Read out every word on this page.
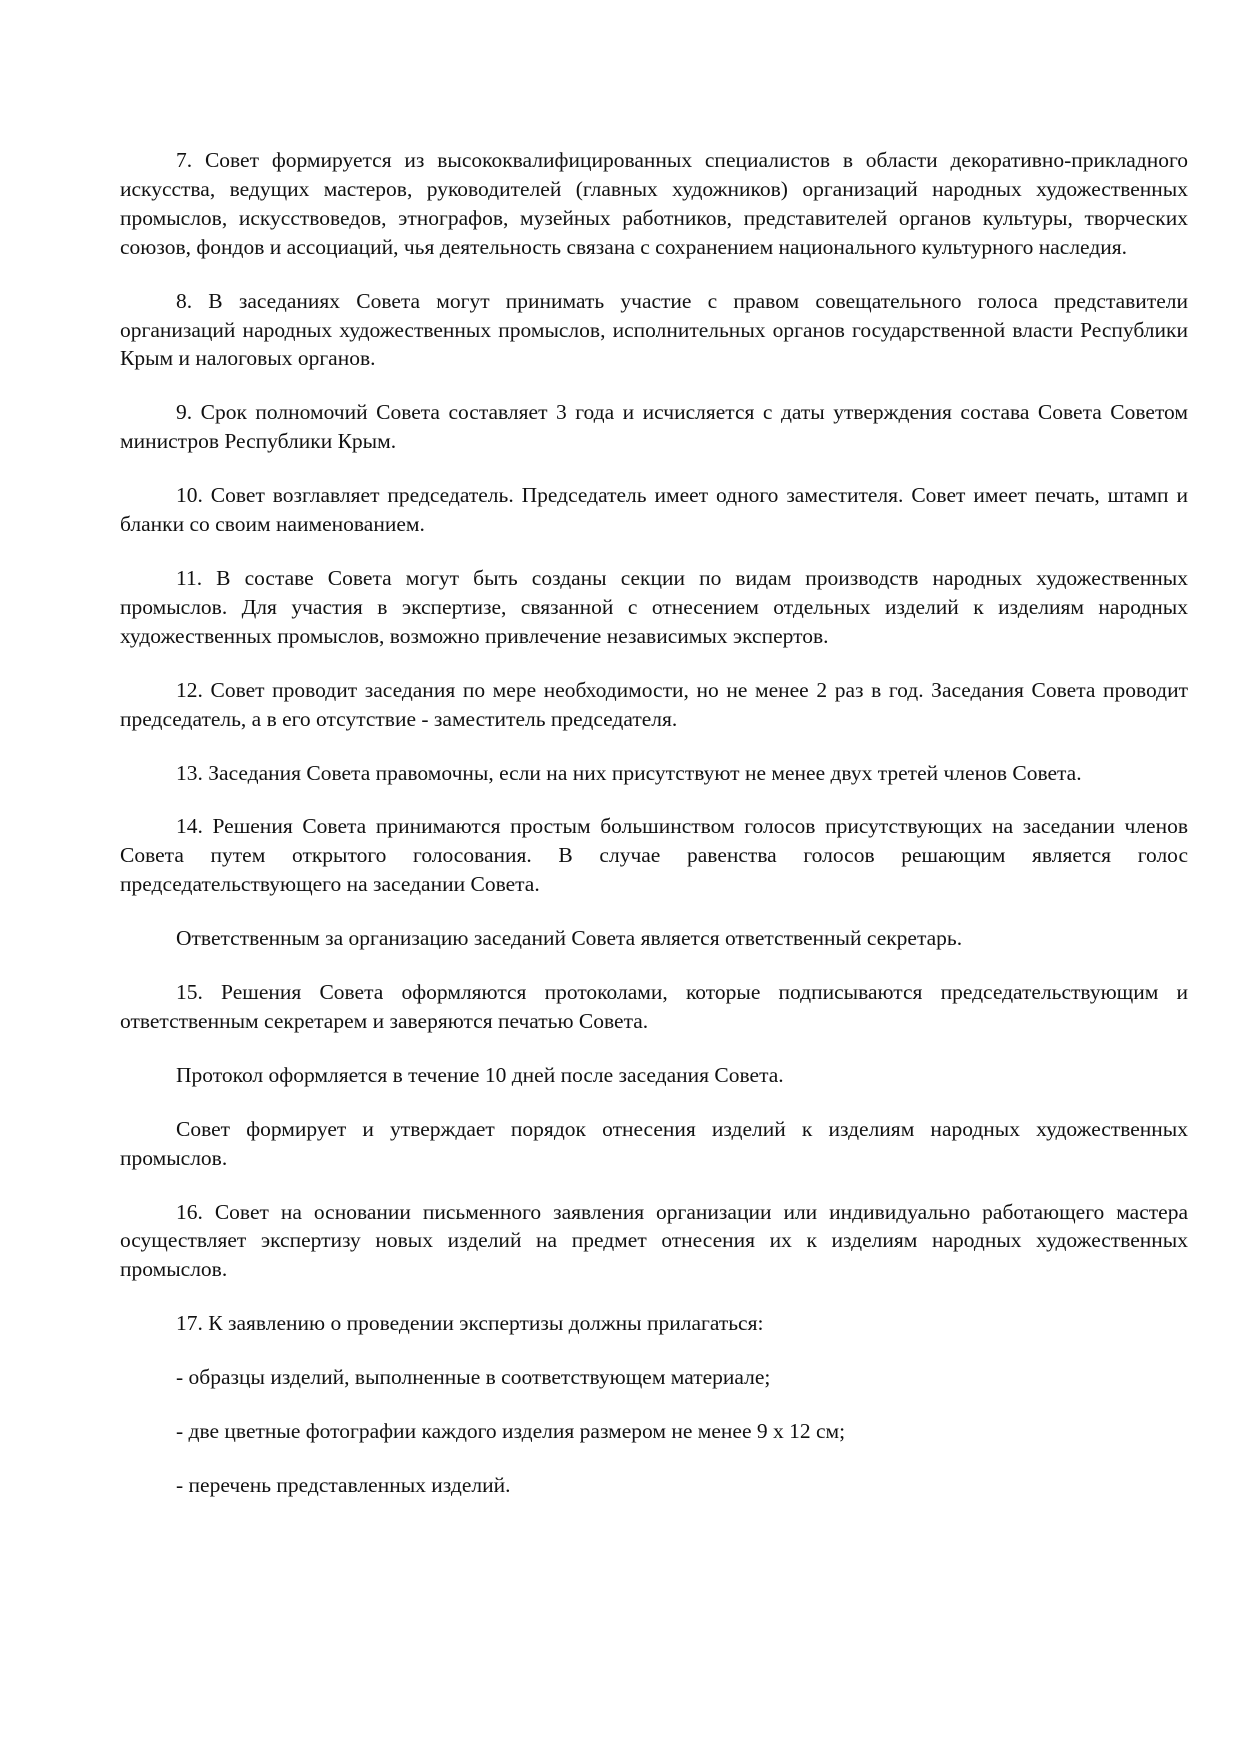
7. Совет формируется из высококвалифицированных специалистов в области декоративно-прикладного искусства, ведущих мастеров, руководителей (главных художников) организаций народных художественных промыслов, искусствоведов, этнографов, музейных работников, представителей органов культуры, творческих союзов, фондов и ассоциаций, чья деятельность связана с сохранением национального культурного наследия.

8. В заседаниях Совета могут принимать участие с правом совещательного голоса представители организаций народных художественных промыслов, исполнительных органов государственной власти Республики Крым и налоговых органов.

9. Срок полномочий Совета составляет 3 года и исчисляется с даты утверждения состава Совета Советом министров Республики Крым.

10. Совет возглавляет председатель. Председатель имеет одного заместителя. Совет имеет печать, штамп и бланки со своим наименованием.

11. В составе Совета могут быть созданы секции по видам производств народных художественных промыслов. Для участия в экспертизе, связанной с отнесением отдельных изделий к изделиям народных художественных промыслов, возможно привлечение независимых экспертов.

12. Совет проводит заседания по мере необходимости, но не менее 2 раз в год. Заседания Совета проводит председатель, а в его отсутствие - заместитель председателя.

13. Заседания Совета правомочны, если на них присутствуют не менее двух третей членов Совета.

14. Решения Совета принимаются простым большинством голосов присутствующих на заседании членов Совета путем открытого голосования. В случае равенства голосов решающим является голос председательствующего на заседании Совета.

Ответственным за организацию заседаний Совета является ответственный секретарь.

15. Решения Совета оформляются протоколами, которые подписываются председательствующим и ответственным секретарем и заверяются печатью Совета.

Протокол оформляется в течение 10 дней после заседания Совета.

Совет формирует и утверждает порядок отнесения изделий к изделиям народных художественных промыслов.

16. Совет на основании письменного заявления организации или индивидуально работающего мастера осуществляет экспертизу новых изделий на предмет отнесения их к изделиям народных художественных промыслов.

17. К заявлению о проведении экспертизы должны прилагаться:

- образцы изделий, выполненные в соответствующем материале;

- две цветные фотографии каждого изделия размером не менее 9 x 12 см;

- перечень представленных изделий.
